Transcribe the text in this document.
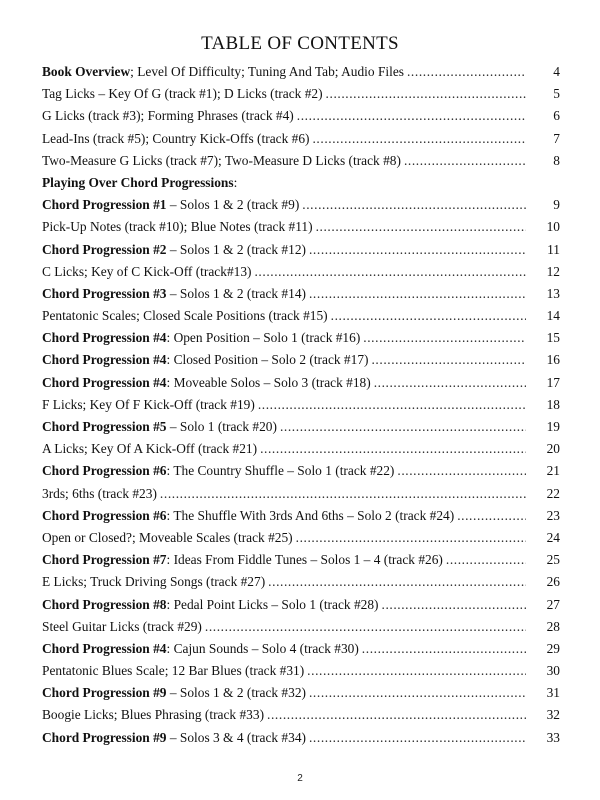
TABLE OF CONTENTS
Book Overview; Level Of Difficulty; Tuning And Tab; Audio Files .....	4
Tag Licks – Key Of G (track #1); D Licks (track #2) .....	5
G Licks (track #3); Forming Phrases (track #4) .....	6
Lead-Ins (track #5); Country Kick-Offs (track #6) .....	7
Two-Measure G Licks (track #7); Two-Measure D Licks (track #8) .....	8
Playing Over Chord Progressions:
Chord Progression #1 – Solos 1 & 2 (track #9) .....	9
Pick-Up Notes (track #10); Blue Notes (track #11) .....	10
Chord Progression #2 – Solos 1 & 2 (track #12) .....	11
C Licks; Key of C Kick-Off (track#13) .....	12
Chord Progression #3 – Solos 1 & 2 (track #14) .....	13
Pentatonic Scales; Closed Scale Positions (track #15) .....	14
Chord Progression #4: Open Position – Solo 1 (track #16) .....	15
Chord Progression #4: Closed Position – Solo 2 (track #17) .....	16
Chord Progression #4: Moveable Solos – Solo 3 (track #18) .....	17
F Licks; Key Of F Kick-Off (track #19) .....	18
Chord Progression #5 – Solo 1 (track #20) .....	19
A Licks; Key Of A Kick-Off (track #21) .....	20
Chord Progression #6: The Country Shuffle – Solo 1 (track #22) .....	21
3rds; 6ths (track #23) .....	22
Chord Progression #6: The Shuffle With 3rds And 6ths – Solo 2 (track #24) .....	23
Open or Closed?; Moveable Scales (track #25) .....	24
Chord Progression #7: Ideas From Fiddle Tunes – Solos 1 – 4 (track #26) .....	25
E Licks; Truck Driving Songs (track #27) .....	26
Chord Progression #8: Pedal Point Licks – Solo 1 (track #28) .....	27
Steel Guitar Licks (track #29) .....	28
Chord Progression #4: Cajun Sounds – Solo 4 (track #30) .....	29
Pentatonic Blues Scale; 12 Bar Blues (track #31) .....	30
Chord Progression #9 – Solos 1 & 2 (track #32) .....	31
Boogie Licks; Blues Phrasing (track #33) .....	32
Chord Progression #9 – Solos 3 & 4 (track #34) .....	33
2
